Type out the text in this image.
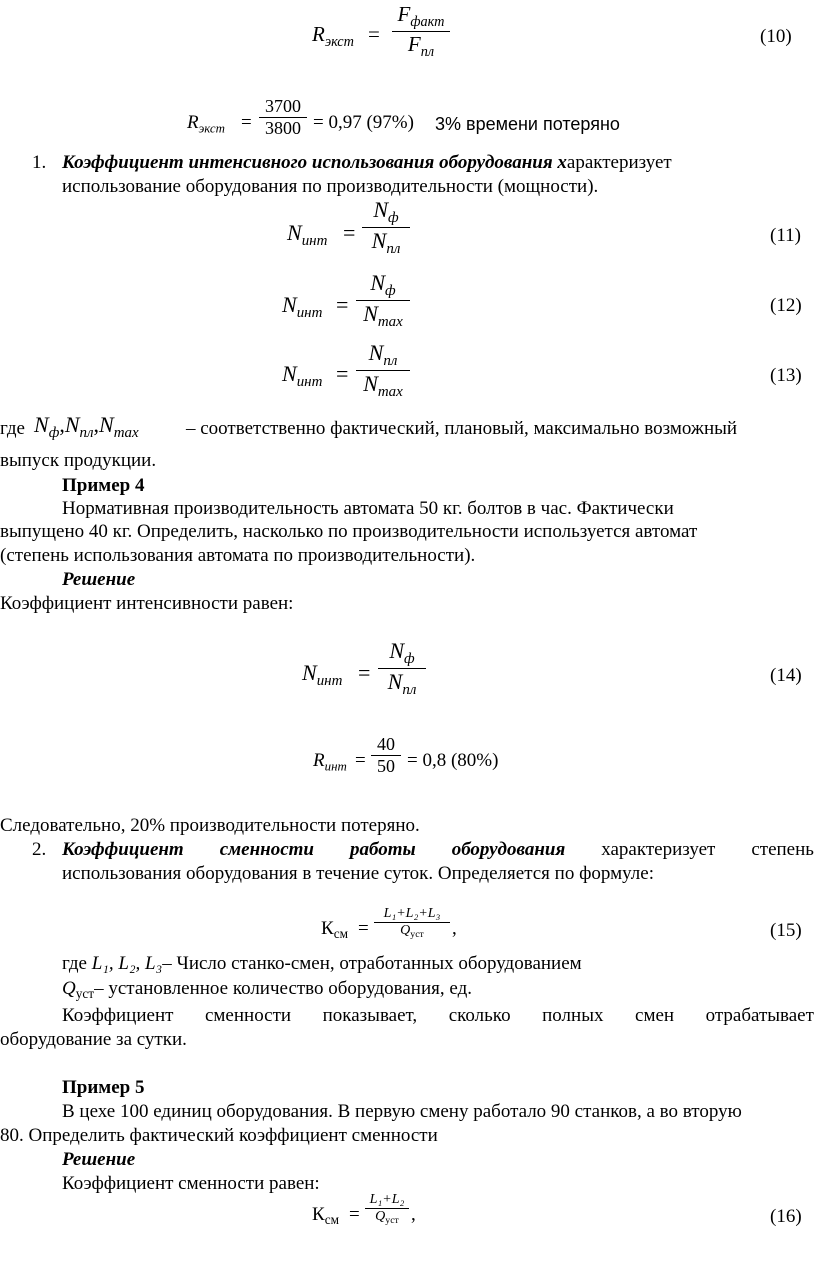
$R_{экст}$ =
$F_{факт}$
$F_{пл}$
(10)
$R_{экст}$ =
3700
3800 = 0,97 (97%) 3% времени потеряно
1. Коэффициент интенсивного использования оборудования характеризует
использование оборудования по производительности (мощности).
$N_{инт}$ =
$N_ф$
$N_{пл}$
(11)
$N_{инт}$ =
$N_ф$
$N_{max}$
(12)
$N_{инт}$ =
$N_{пл}$
$N_{max}$
(13)
где $N_ф,N_{пл},N_{max}$ – соответственно фактический, плановый, максимально возможный
выпуск продукции.
Пример 4
Нормативная производительность автомата 50 кг. болтов в час. Фактически
выпущено 40 кг. Определить, насколько по производительности используется автомат
(степень использования автомата по производительности).
Решение
Коэффициент интенсивности равен:
$N_{инт}$ =
$N_ф$
$N_{пл}$
(14)
$R_{инт}$ =
40
50 = 0,8 (80%)
Следовательно, 20% производительности потеряно.
2. Коэффициент сменности работы оборудования характеризует степень
использования оборудования в течение суток. Определяется по формуле:
$К_{см}$ =
L₁+L₂+L₃
$Q_{уст}$ ,	(15)
где L₁, L₂, L₃– Число станко-смен, отработанных оборудованием
$Q_{уст}-$ установленное количество оборудования, ед.
Коэффициент сменности показывает, сколько полных смен отрабатывает
оборудование за сутки.
Пример 5
В цехе 100 единиц оборудования. В первую смену работало 90 станков, а во вторую
80. Определить фактический коэффициент сменности
Решение
Коэффициент сменности равен:
$К_{см}$ =
L₁+L₂
$Q_{уст}$ ,	(16)
